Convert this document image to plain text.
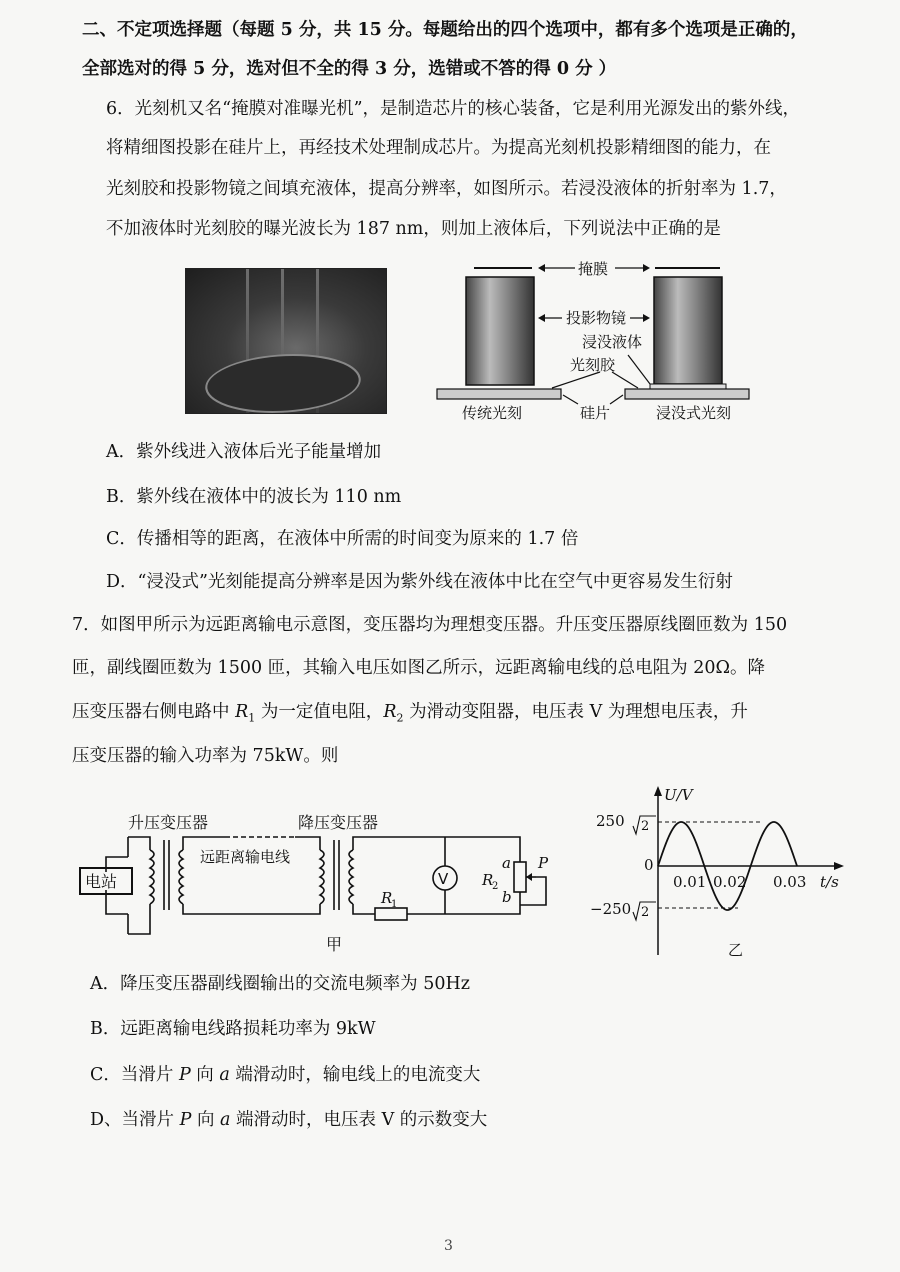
二、不定项选择题（每题 5 分，共 15 分。每题给出的四个选项中，都有多个选项是正确的，
全部选对的得 5 分，选对但不全的得 3 分，选错或不答的得 0 分 ）
6．光刻机又名“掩膜对准曝光机”，是制造芯片的核心装备，它是利用光源发出的紫外线，
将精细图投影在硅片上，再经技术处理制成芯片。为提高光刻机投影精细图的能力，在
光刻胶和投影物镜之间填充液体，提高分辨率，如图所示。若浸没液体的折射率为 1.7，
不加液体时光刻胶的曝光波长为 187 nm，则加上液体后，下列说法中正确的是
掩膜
投影物镜
浸没液体
光刻胶
硅片
传统光刻	浸没式光刻
A．紫外线进入液体后光子能量增加
B．紫外线在液体中的波长为 110 nm
C．传播相等的距离，在液体中所需的时间变为原来的 1.7 倍
D．“浸没式”光刻能提高分辨率是因为紫外线在液体中比在空气中更容易发生衍射
7．如图甲所示为远距离输电示意图，变压器均为理想变压器。升压变压器原线圈匝数为 150
匝，副线圈匝数为 1500 匝，其输入电压如图乙所示，远距离输电线的总电阻为 20Ω。降
压变压器右侧电路中 $R_1$ 为一定值电阻，$R_2$ 为滑动变阻器，电压表 V 为理想电压表，升
压变压器的输入功率为 75kW。则
升压变压器	降压变压器
电站
远距离输电线
V
R
1
R
2
a
b
P
甲
U/V
t/s
250
−250
0
0.01 0.02 0.03
乙
2
2
A．降压变压器副线圈输出的交流电频率为 50Hz
B．远距离输电线路损耗功率为 9kW
C．当滑片 P 向 a 端滑动时，输电线上的电流变大
D、当滑片 P 向 a 端滑动时，电压表 V 的示数变大
3
